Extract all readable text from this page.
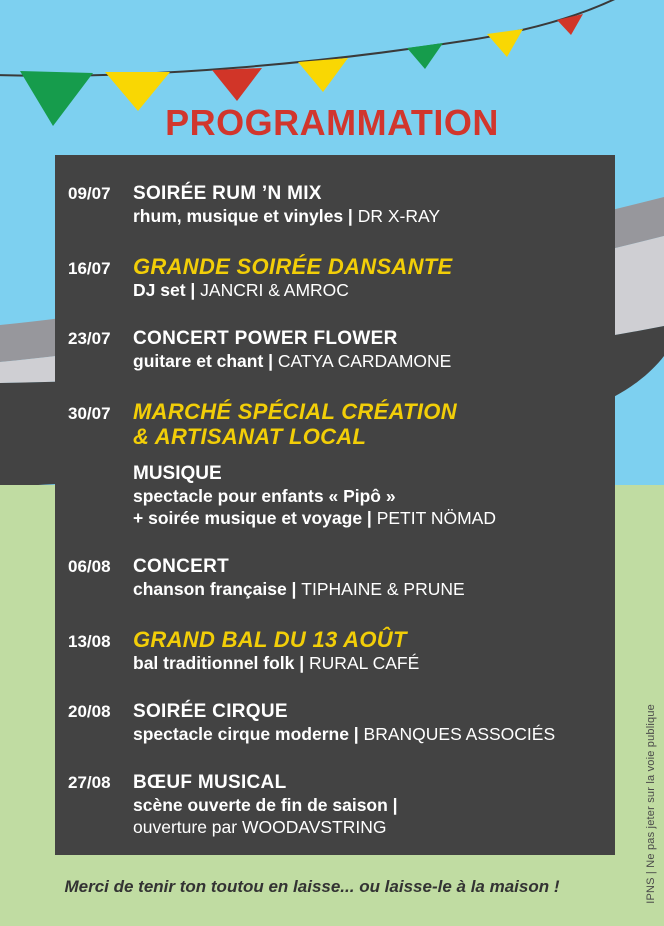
PROGRAMMATION
09/07	SOIRÉE RUM ’N MIX
rhum, musique et vinyles | DR X-RAY
16/07	GRANDE SOIRÉE DANSANTE
DJ set | JANCRI & AMROC
23/07	CONCERT POWER FLOWER
guitare et chant | CATYA CARDAMONE
30/07	MARCHÉ SPÉCIAL CRÉATION
& ARTISANAT LOCAL
MUSIQUE
spectacle pour enfants « Pipô »
+ soirée musique et voyage | PETIT NÖMAD
06/08	CONCERT
chanson française | TIPHAINE & PRUNE
13/08	GRAND BAL DU 13 AOÛT
bal traditionnel folk | RURAL CAFÉ
20/08	SOIRÉE CIRQUE
spectacle cirque moderne | BRANQUES ASSOCIÉS
27/08	BŒUF MUSICAL
scène ouverte de fin de saison |
ouverture par WOODAVSTRING
Merci de tenir ton toutou en laisse... ou laisse-le à la maison !	IPNS | Ne pas jeter sur la voie publique
